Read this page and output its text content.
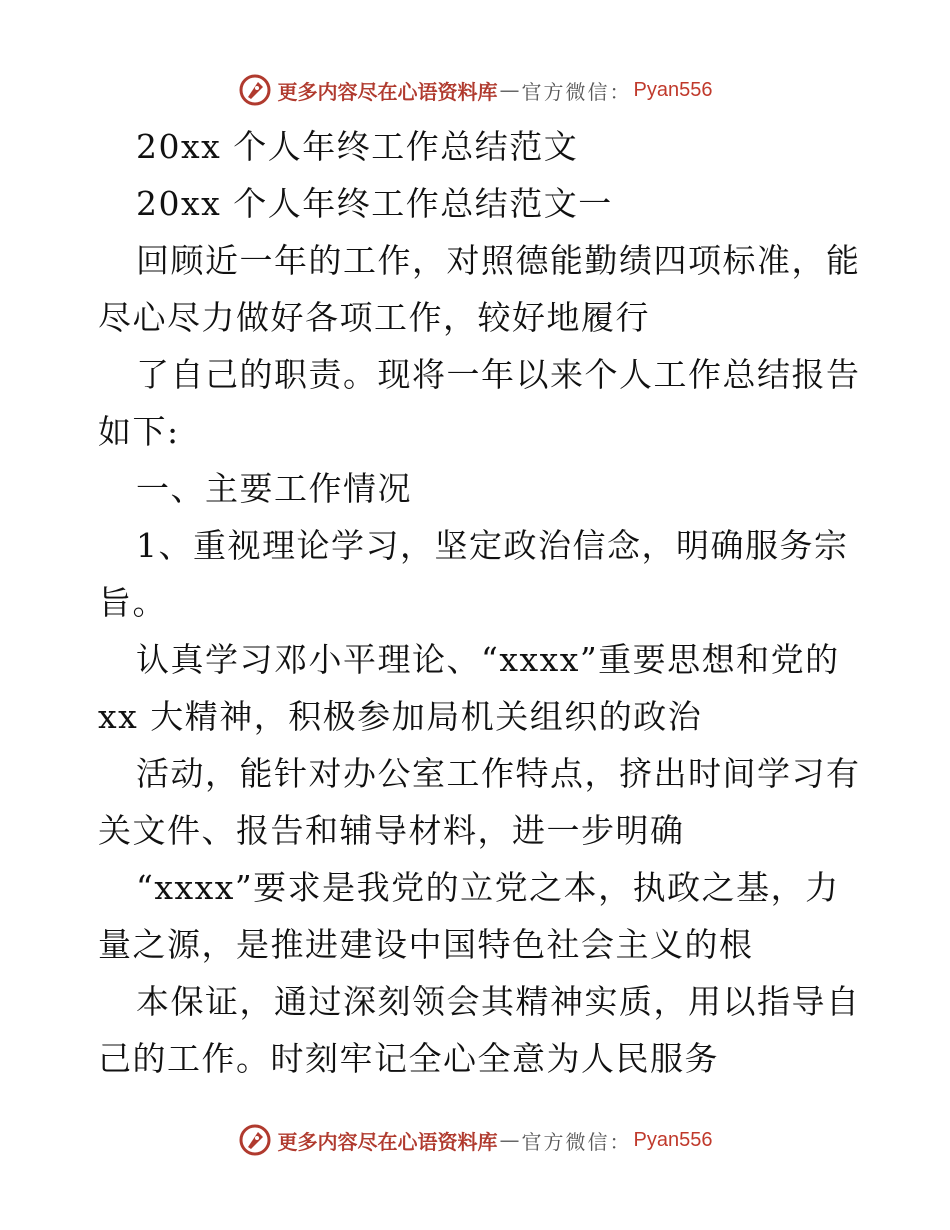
更多内容尽在心语资料库 — 官方微信： Pyan556
20xx 个人年终工作总结范文
20xx 个人年终工作总结范文一
回顾近一年的工作，对照德能勤绩四项标准，能
尽心尽力做好各项工作，较好地履行
了自己的职责。现将一年以来个人工作总结报告
如下:
一、主要工作情况
1、重视理论学习，坚定政治信念，明确服务宗
旨。
认真学习邓小平理论、“xxxx”重要思想和党的
xx 大精神，积极参加局机关组织的政治
活动，能针对办公室工作特点，挤出时间学习有
关文件、报告和辅导材料，进一步明确
“xxxx”要求是我党的立党之本，执政之基，力
量之源，是推进建设中国特色社会主义的根
本保证，通过深刻领会其精神实质，用以指导自
己的工作。时刻牢记全心全意为人民服务
更多内容尽在心语资料库 — 官方微信： Pyan556
